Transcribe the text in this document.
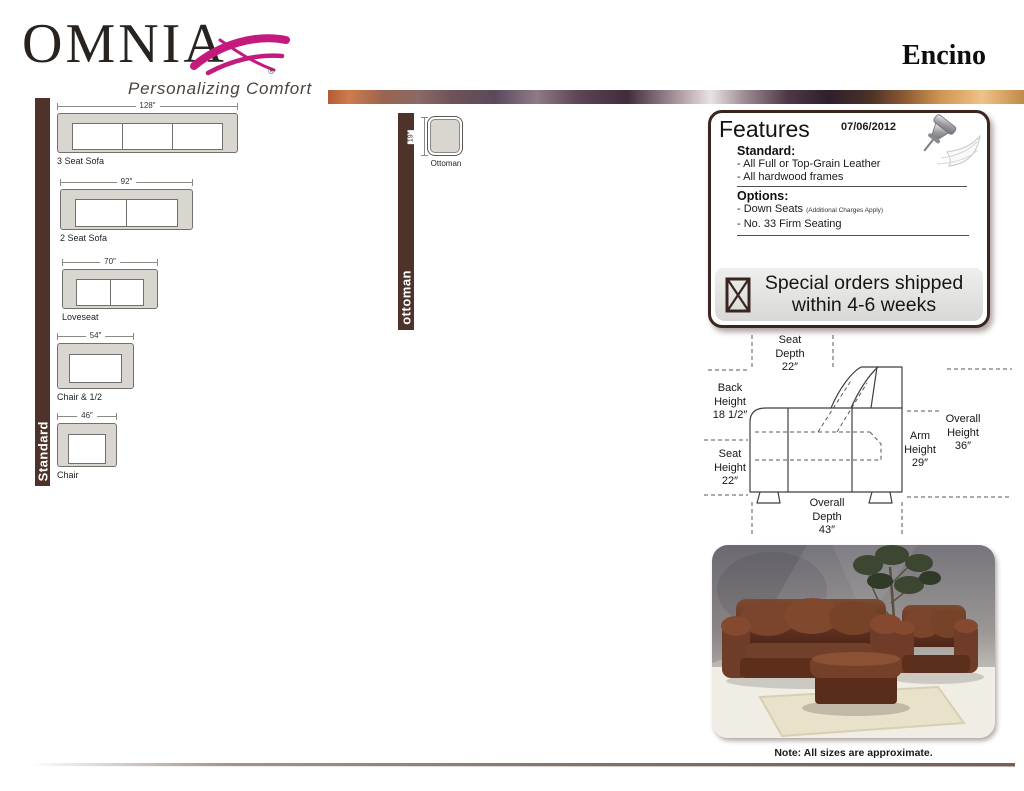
OMNIA	®
Personalizing Comfort
Encino
Standard
128″
3 Seat Sofa
92″
2 Seat Sofa
70″
Loveseat
54″
Chair & 1/2
46″
Chair
ottoman
19″
Ottoman
Features	07/06/2012
Standard:
- All Full or Top-Grain Leather
- All hardwood frames
Options:
- Down Seats (Additional Charges Apply)
- No. 33 Firm Seating
Special orders shipped
within 4-6 weeks
Seat
Depth
22″
Back
Height
18 1/2″
Seat
Height
22″
Arm
Height
29″
Overall
Height
36″
Overall
Depth
43″
Note: All sizes are approximate.
